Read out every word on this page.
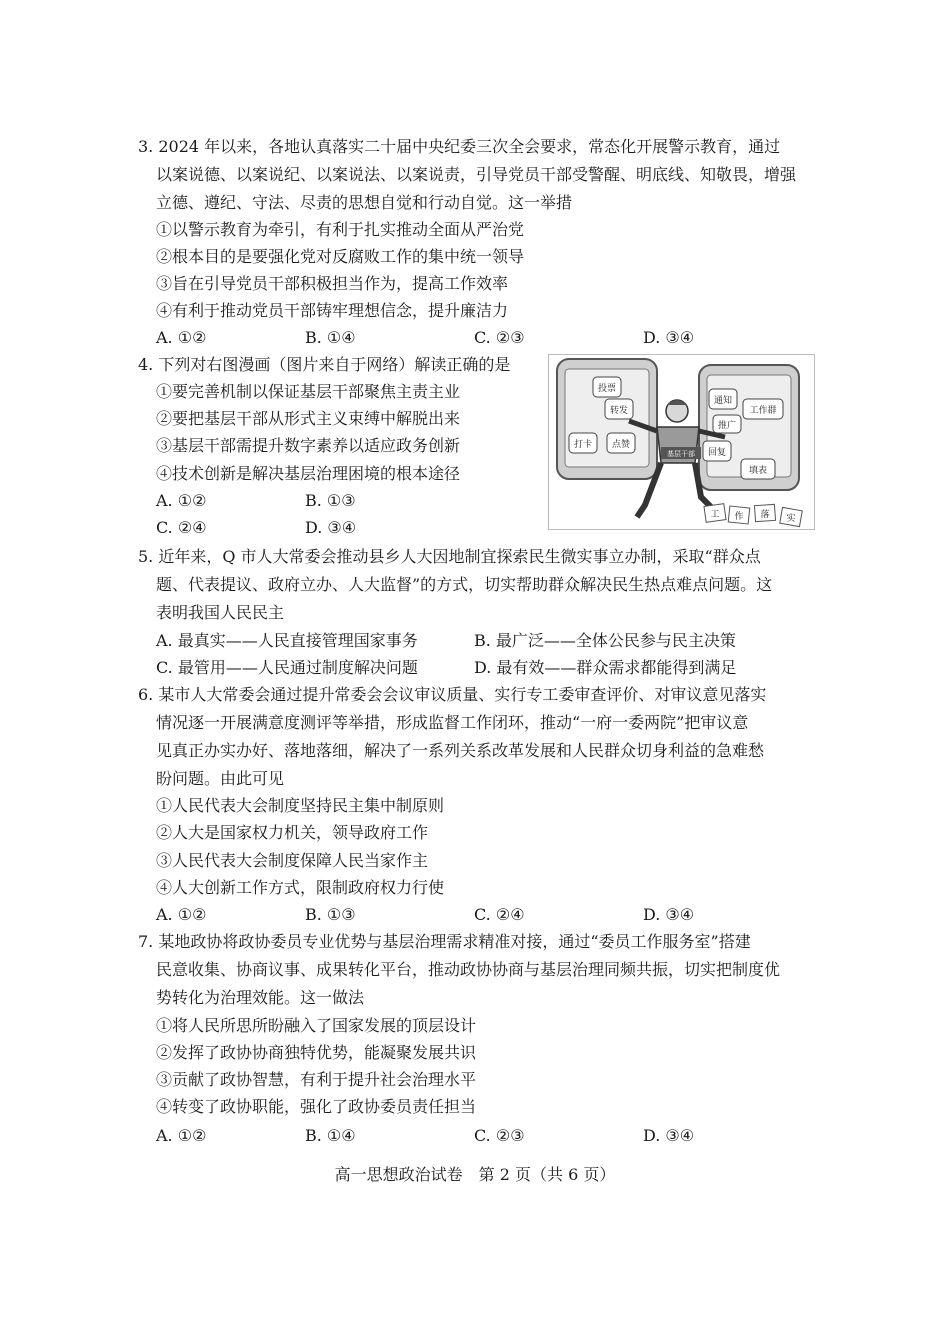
3. 2024 年以来，各地认真落实二十届中央纪委三次全会要求，常态化开展警示教育，通过
以案说德、以案说纪、以案说法、以案说责，引导党员干部受警醒、明底线、知敬畏，增强
立德、遵纪、守法、尽责的思想自觉和行动自觉。这一举措
①以警示教育为牵引，有利于扎实推动全面从严治党
②根本目的是要强化党对反腐败工作的集中统一领导
③旨在引导党员干部积极担当作为，提高工作效率
④有利于推动党员干部铸牢理想信念，提升廉洁力
A. ①②	B. ①④	C. ②③	D. ③④
4. 下列对右图漫画（图片来自于网络）解读正确的是
①要完善机制以保证基层干部聚焦主责主业
②要把基层干部从形式主义束缚中解脱出来
③基层干部需提升数字素养以适应政务创新
④技术创新是解决基层治理困境的根本途径
A. ①②	B. ①③
C. ②④	D. ③④
投票
转发
打卡 点赞
通知
工作群
推广
回复
填表
基层干部
工 作 落 实
5. 近年来，Q 市人大常委会推动县乡人大因地制宜探索民生微实事立办制，采取“群众点
题、代表提议、政府立办、人大监督”的方式，切实帮助群众解决民生热点难点问题。这
表明我国人民民主
A. 最真实——人民直接管理国家事务	B. 最广泛——全体公民参与民主决策
C. 最管用——人民通过制度解决问题	D. 最有效——群众需求都能得到满足
6. 某市人大常委会通过提升常委会会议审议质量、实行专工委审查评价、对审议意见落实
情况逐一开展满意度测评等举措，形成监督工作闭环，推动“一府一委两院”把审议意
见真正办实办好、落地落细，解决了一系列关系改革发展和人民群众切身利益的急难愁
盼问题。由此可见
①人民代表大会制度坚持民主集中制原则
②人大是国家权力机关，领导政府工作
③人民代表大会制度保障人民当家作主
④人大创新工作方式，限制政府权力行使
A. ①②	B. ①③	C. ②④	D. ③④
7. 某地政协将政协委员专业优势与基层治理需求精准对接，通过“委员工作服务室”搭建
民意收集、协商议事、成果转化平台，推动政协协商与基层治理同频共振，切实把制度优
势转化为治理效能。这一做法
①将人民所思所盼融入了国家发展的顶层设计
②发挥了政协协商独特优势，能凝聚发展共识
③贡献了政协智慧，有利于提升社会治理水平
④转变了政协职能，强化了政协委员责任担当
A. ①②	B. ①④	C. ②③	D. ③④
高一思想政治试卷　第 2 页（共 6 页）
